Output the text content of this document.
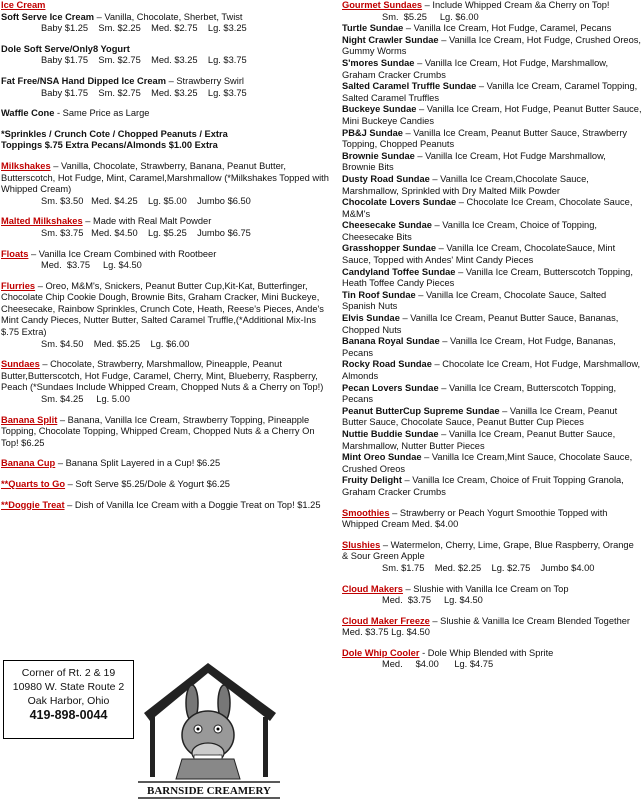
Ice Cream
Soft Serve Ice Cream – Vanilla, Chocolate, Sherbet, Twist
Baby $1.25    Sm. $2.25    Med. $2.75    Lg. $3.25
Dole Soft Serve/Only8 Yogurt
Baby $1.75    Sm. $2.75    Med. $3.25    Lg. $3.75
Fat Free/NSA Hand Dipped Ice Cream – Strawberry Swirl
Baby $1.75    Sm. $2.75    Med. $3.25    Lg. $3.75
Waffle Cone - Same Price as Large
*Sprinkles / Crunch Cote / Chopped Peanuts / Extra
Toppings $.75 Extra Pecans/Almonds $1.00 Extra
Milkshakes – Vanilla, Chocolate, Strawberry, Banana, Peanut Butter, Butterscotch, Hot Fudge, Mint, Caramel,Marshmallow (*Milkshakes Topped with Whipped Cream)
Sm. $3.50   Med. $4.25    Lg. $5.00    Jumbo $6.50
Malted Milkshakes – Made with Real Malt Powder
Sm. $3.75   Med. $4.50    Lg. $5.25    Jumbo $6.75
Floats – Vanilla Ice Cream Combined with Rootbeer
Med.  $3.75     Lg. $4.50
Flurries – Oreo, M&M's, Snickers, Peanut Butter Cup,Kit-Kat, Butterfinger, Chocolate Chip Cookie Dough, Brownie Bits, Graham Cracker, Mini Buckeye, Cheesecake, Rainbow Sprinkles, Crunch Cote, Heath, Reese's Pieces, Ande's Mint Candy Pieces, Nutter Butter, Salted Caramel Truffle,(*Additional Mix-Ins $.75 Extra)
Sm. $4.50    Med. $5.25    Lg. $6.00
Sundaes – Chocolate, Strawberry, Marshmallow, Pineapple, Peanut Butter,Butterscotch, Hot Fudge, Caramel, Cherry, Mint, Blueberry, Raspberry, Peach (*Sundaes Include Whipped Cream, Chopped Nuts & a Cherry on Top!)
Sm. $4.25     Lg. 5.00
Banana Split – Banana, Vanilla Ice Cream, Strawberry Topping, Pineapple Topping, Chocolate Topping, Whipped Cream, Chopped Nuts & a Cherry On Top! $6.25
Banana Cup – Banana Split Layered in a Cup! $6.25
**Quarts to Go – Soft Serve $5.25/Dole & Yogurt $6.25
**Doggie Treat – Dish of Vanilla Ice Cream with a Doggie Treat on Top! $1.25
Corner of Rt. 2 & 19
10980 W. State Route 2
Oak Harbor, Ohio
419-898-0044
BARNSIDE CREAMERY
Gourmet Sundaes – Include Whipped Cream &a Cherry on Top!
Sm.  $5.25     Lg. $6.00
Turtle Sundae – Vanilla Ice Cream, Hot Fudge, Caramel, Pecans
Night Crawler Sundae – Vanilla Ice Cream, Hot Fudge, Crushed Oreos, Gummy Worms
S'mores Sundae – Vanilla Ice Cream, Hot Fudge, Marshmallow, Graham Cracker Crumbs
Salted Caramel Truffle Sundae – Vanilla Ice Cream, Caramel Topping, Salted Caramel Truffles
Buckeye Sundae – Vanilla Ice Cream, Hot Fudge, Peanut Butter Sauce, Mini Buckeye Candies
PB&J Sundae – Vanilla Ice Cream, Peanut Butter Sauce, Strawberry Topping, Chopped Peanuts
Brownie Sundae – Vanilla Ice Cream, Hot Fudge Marshmallow, Brownie Bits
Dusty Road Sundae – Vanilla Ice Cream,Chocolate Sauce, Marshmallow, Sprinkled with Dry Malted Milk Powder
Chocolate Lovers Sundae – Chocolate Ice Cream, Chocolate Sauce, M&M's
Cheesecake Sundae – Vanilla Ice Cream, Choice of Topping, Cheesecake Bits
Grasshopper Sundae – Vanilla Ice Cream, ChocolateSauce, Mint Sauce, Topped with Andes' Mint Candy Pieces
Candyland Toffee Sundae – Vanilla Ice Cream, Butterscotch Topping, Heath Toffee Candy Pieces
Tin Roof Sundae – Vanilla Ice Cream, Chocolate Sauce, Salted Spanish Nuts
Elvis Sundae – Vanilla Ice Cream, Peanut Butter Sauce, Bananas, Chopped Nuts
Banana Royal Sundae – Vanilla Ice Cream, Hot Fudge, Bananas, Pecans
Rocky Road Sundae – Chocolate Ice Cream, Hot Fudge, Marshmallow, Almonds
Pecan Lovers Sundae – Vanilla Ice Cream, Butterscotch Topping, Pecans
Peanut ButterCup Supreme Sundae – Vanilla Ice Cream, Peanut Butter Sauce, Chocolate Sauce, Peanut Butter Cup Pieces
Nuttie Buddie Sundae – Vanilla Ice Cream, Peanut Butter Sauce, Marshmallow, Nutter Butter Pieces
Mint Oreo Sundae – Vanilla Ice Cream,Mint Sauce, Chocolate Sauce, Crushed Oreos
Fruity Delight – Vanilla Ice Cream, Choice of Fruit Topping Granola, Graham Cracker Crumbs
Smoothies – Strawberry or Peach Yogurt Smoothie Topped with Whipped Cream Med. $4.00
Slushies – Watermelon, Cherry, Lime, Grape, Blue Raspberry, Orange & Sour Green Apple
Sm. $1.75    Med. $2.25    Lg. $2.75    Jumbo $4.00
Cloud Makers – Slushie with Vanilla Ice Cream on Top
Med.  $3.75     Lg. $4.50
Cloud Maker Freeze – Slushie & Vanilla Ice Cream Blended Together Med. $3.75 Lg. $4.50
Dole Whip Cooler - Dole Whip Blended with Sprite
Med.     $4.00      Lg. $4.75
